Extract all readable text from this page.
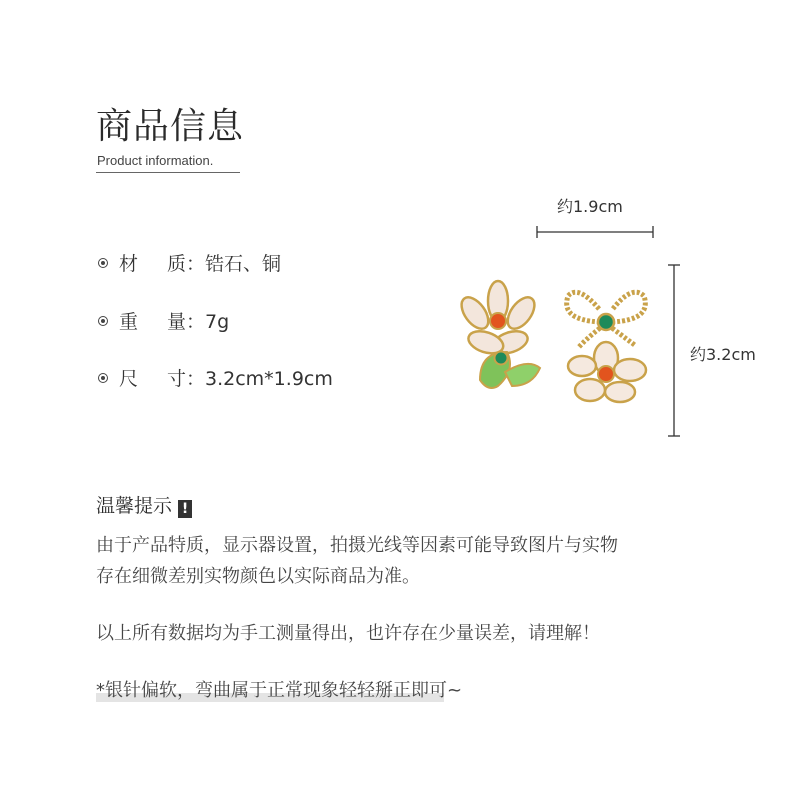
商品信息
Product information.
材 质：锆石、铜
重 量：7g
尺 寸：3.2cm*1.9cm
约1.9cm
约3.2cm
温馨提示 !
由于产品特质，显示器设置，拍摄光线等因素可能导致图片与实物
存在细微差别实物颜色以实际商品为准。
以上所有数据均为手工测量得出，也许存在少量误差，请理解！
*银针偏软，弯曲属于正常现象轻轻掰正即可~
